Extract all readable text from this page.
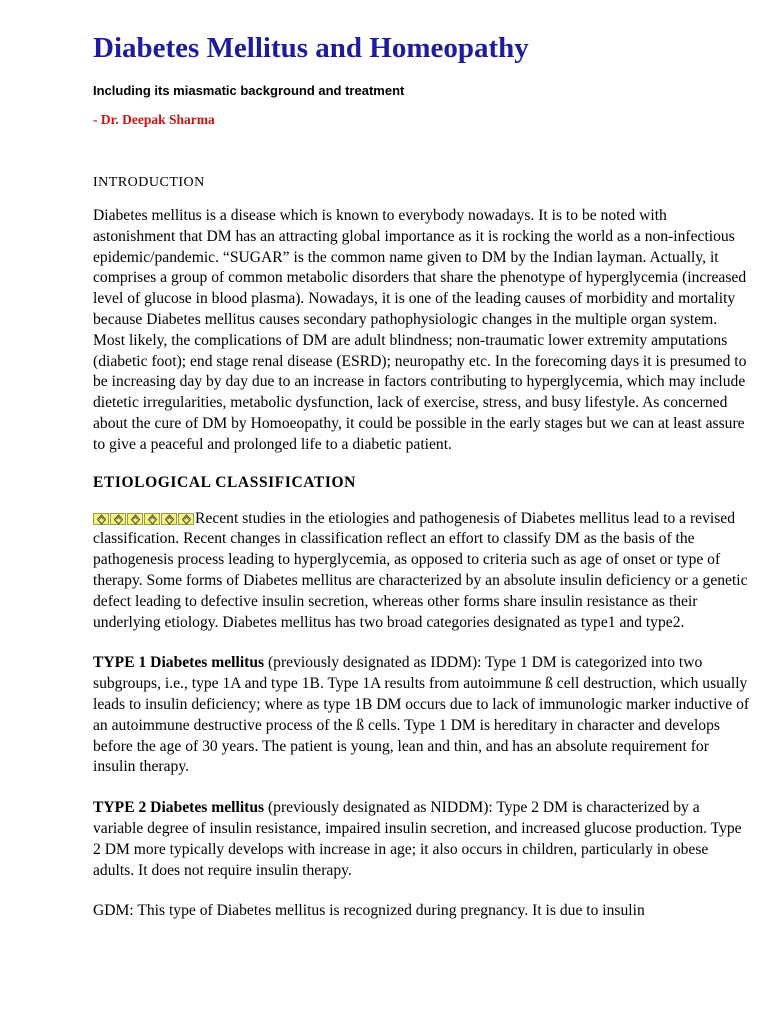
Diabetes Mellitus and Homeopathy
Including its miasmatic background and treatment
- Dr. Deepak Sharma
INTRODUCTION

Diabetes mellitus is a disease which is known to everybody nowadays. It is to be noted with astonishment that DM has an attracting global importance as it is rocking the world as a non-infectious epidemic/pandemic. “SUGAR” is the common name given to DM by the Indian layman. Actually, it comprises a group of common metabolic disorders that share the phenotype of hyperglycemia (increased level of glucose in blood plasma). Nowadays, it is one of the leading causes of morbidity and mortality because Diabetes mellitus causes secondary pathophysiologic changes in the multiple organ system. Most likely, the complications of DM are adult blindness; non-traumatic lower extremity amputations (diabetic foot); end stage renal disease (ESRD); neuropathy etc. In the forecoming days it is presumed to be increasing day by day due to an increase in factors contributing to hyperglycemia, which may include dietetic irregularities, metabolic dysfunction, lack of exercise, stress, and busy lifestyle. As concerned about the cure of DM by Homoeopathy, it could be possible in the early stages but we can at least assure to give a peaceful and prolonged life to a diabetic patient.

ETIOLOGICAL CLASSIFICATION

Recent studies in the etiologies and pathogenesis of Diabetes mellitus lead to a revised classification. Recent changes in classification reflect an effort to classify DM as the basis of the pathogenesis process leading to hyperglycemia, as opposed to criteria such as age of onset or type of therapy. Some forms of Diabetes mellitus are characterized by an absolute insulin deficiency or a genetic defect leading to defective insulin secretion, whereas other forms share insulin resistance as their underlying etiology. Diabetes mellitus has two broad categories designated as type1 and type2.

TYPE 1 Diabetes mellitus (previously designated as IDDM): Type 1 DM is categorized into two subgroups, i.e., type 1A and type 1B. Type 1A results from autoimmune ß cell destruction, which usually leads to insulin deficiency; where as type 1B DM occurs due to lack of immunologic marker inductive of an autoimmune destructive process of the ß cells. Type 1 DM is hereditary in character and develops before the age of 30 years. The patient is young, lean and thin, and has an absolute requirement for insulin therapy.

TYPE 2 Diabetes mellitus (previously designated as NIDDM): Type 2 DM is characterized by a variable degree of insulin resistance, impaired insulin secretion, and increased glucose production. Type 2 DM more typically develops with increase in age; it also occurs in children, particularly in obese adults. It does not require insulin therapy.

GDM: This type of Diabetes mellitus is recognized during pregnancy. It is due to insulin
